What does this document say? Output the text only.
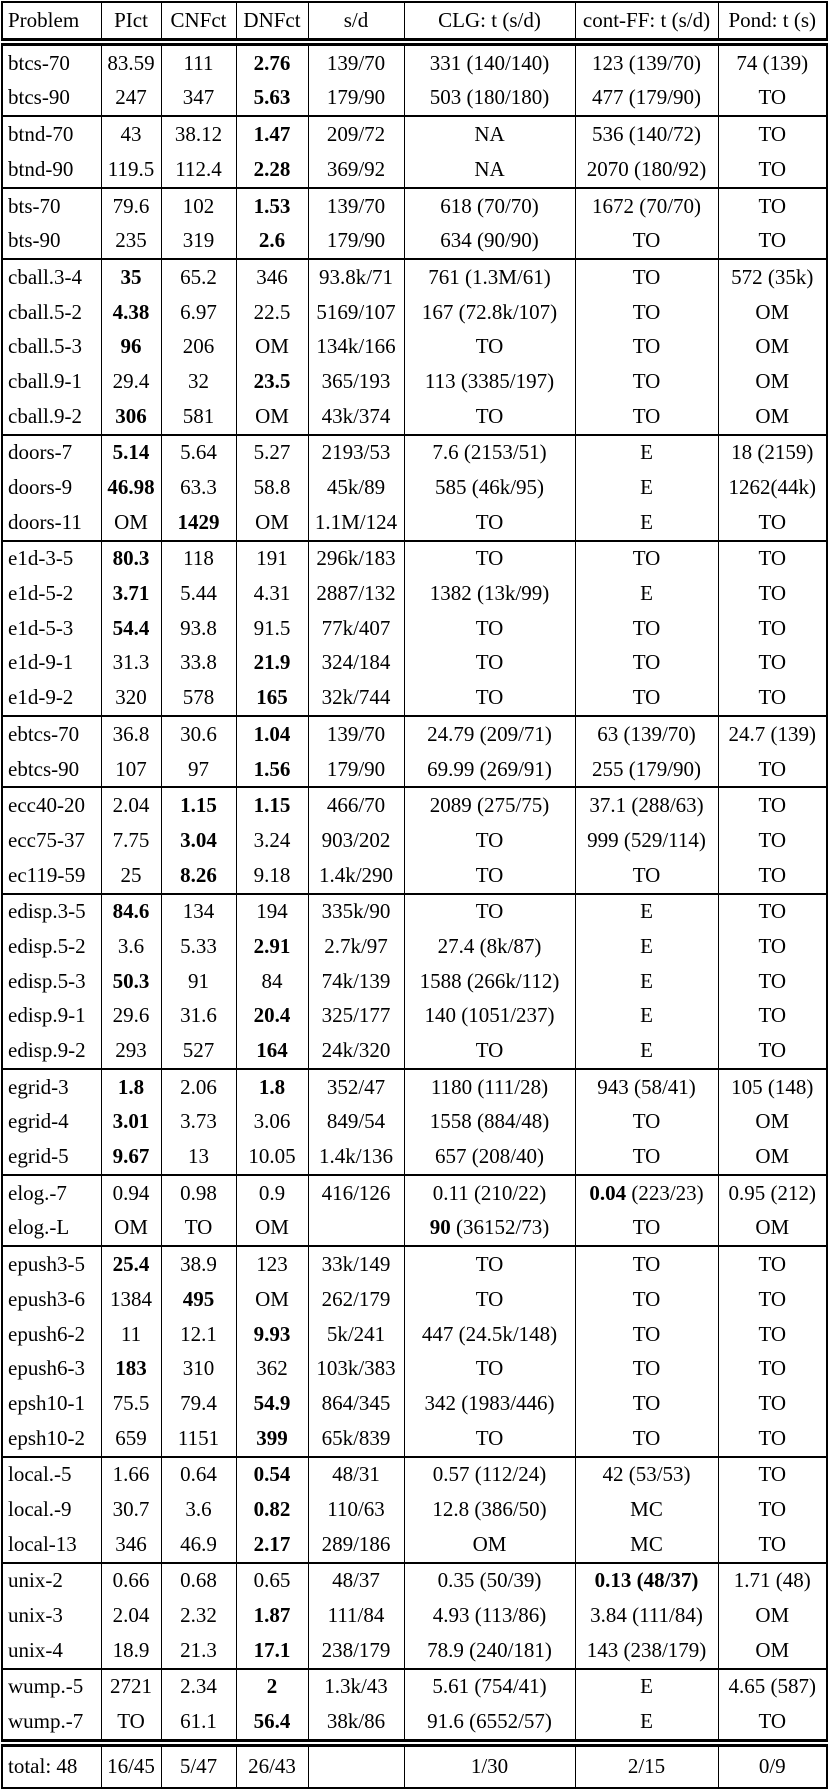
Problem	PIct	CNFct	DNFct	s/d	CLG: t (s/d)	cont-FF: t (s/d)	Pond: t (s)
btcs-70	83.59	111	2.76	139/70	331 (140/140)	123 (139/70)	74 (139)
btcs-90	247	347	5.63	179/90	503 (180/180)	477 (179/90)	TO
btnd-70	43	38.12	1.47	209/72	NA	536 (140/72)	TO
btnd-90	119.5	112.4	2.28	369/92	NA	2070 (180/92)	TO
bts-70	79.6	102	1.53	139/70	618 (70/70)	1672 (70/70)	TO
bts-90	235	319	2.6	179/90	634 (90/90)	TO	TO
cball.3-4	35	65.2	346	93.8k/71	761 (1.3M/61)	TO	572 (35k)
cball.5-2	4.38	6.97	22.5	5169/107	167 (72.8k/107)	TO	OM
cball.5-3	96	206	OM	134k/166	TO	TO	OM
cball.9-1	29.4	32	23.5	365/193	113 (3385/197)	TO	OM
cball.9-2	306	581	OM	43k/374	TO	TO	OM
doors-7	5.14	5.64	5.27	2193/53	7.6 (2153/51)	E	18 (2159)
doors-9	46.98	63.3	58.8	45k/89	585 (46k/95)	E	1262(44k)
doors-11	OM	1429	OM	1.1M/124	TO	E	TO
e1d-3-5	80.3	118	191	296k/183	TO	TO	TO
e1d-5-2	3.71	5.44	4.31	2887/132	1382 (13k/99)	E	TO
e1d-5-3	54.4	93.8	91.5	77k/407	TO	TO	TO
e1d-9-1	31.3	33.8	21.9	324/184	TO	TO	TO
e1d-9-2	320	578	165	32k/744	TO	TO	TO
ebtcs-70	36.8	30.6	1.04	139/70	24.79 (209/71)	63 (139/70)	24.7 (139)
ebtcs-90	107	97	1.56	179/90	69.99 (269/91)	255 (179/90)	TO
ecc40-20	2.04	1.15	1.15	466/70	2089 (275/75)	37.1 (288/63)	TO
ecc75-37	7.75	3.04	3.24	903/202	TO	999 (529/114)	TO
ec119-59	25	8.26	9.18	1.4k/290	TO	TO	TO
edisp.3-5	84.6	134	194	335k/90	TO	E	TO
edisp.5-2	3.6	5.33	2.91	2.7k/97	27.4 (8k/87)	E	TO
edisp.5-3	50.3	91	84	74k/139	1588 (266k/112)	E	TO
edisp.9-1	29.6	31.6	20.4	325/177	140 (1051/237)	E	TO
edisp.9-2	293	527	164	24k/320	TO	E	TO
egrid-3	1.8	2.06	1.8	352/47	1180 (111/28)	943 (58/41)	105 (148)
egrid-4	3.01	3.73	3.06	849/54	1558 (884/48)	TO	OM
egrid-5	9.67	13	10.05	1.4k/136	657 (208/40)	TO	OM
elog.-7	0.94	0.98	0.9	416/126	0.11 (210/22)	0.04 (223/23)	0.95 (212)
elog.-L	OM	TO	OM		90 (36152/73)	TO	OM
epush3-5	25.4	38.9	123	33k/149	TO	TO	TO
epush3-6	1384	495	OM	262/179	TO	TO	TO
epush6-2	11	12.1	9.93	5k/241	447 (24.5k/148)	TO	TO
epush6-3	183	310	362	103k/383	TO	TO	TO
epsh10-1	75.5	79.4	54.9	864/345	342 (1983/446)	TO	TO
epsh10-2	659	1151	399	65k/839	TO	TO	TO
local.-5	1.66	0.64	0.54	48/31	0.57 (112/24)	42 (53/53)	TO
local.-9	30.7	3.6	0.82	110/63	12.8 (386/50)	MC	TO
local-13	346	46.9	2.17	289/186	OM	MC	TO
unix-2	0.66	0.68	0.65	48/37	0.35 (50/39)	0.13 (48/37)	1.71 (48)
unix-3	2.04	2.32	1.87	111/84	4.93 (113/86)	3.84 (111/84)	OM
unix-4	18.9	21.3	17.1	238/179	78.9 (240/181)	143 (238/179)	OM
wump.-5	2721	2.34	2	1.3k/43	5.61 (754/41)	E	4.65 (587)
wump.-7	TO	61.1	56.4	38k/86	91.6 (6552/57)	E	TO
total: 48	16/45	5/47	26/43		1/30	2/15	0/9
